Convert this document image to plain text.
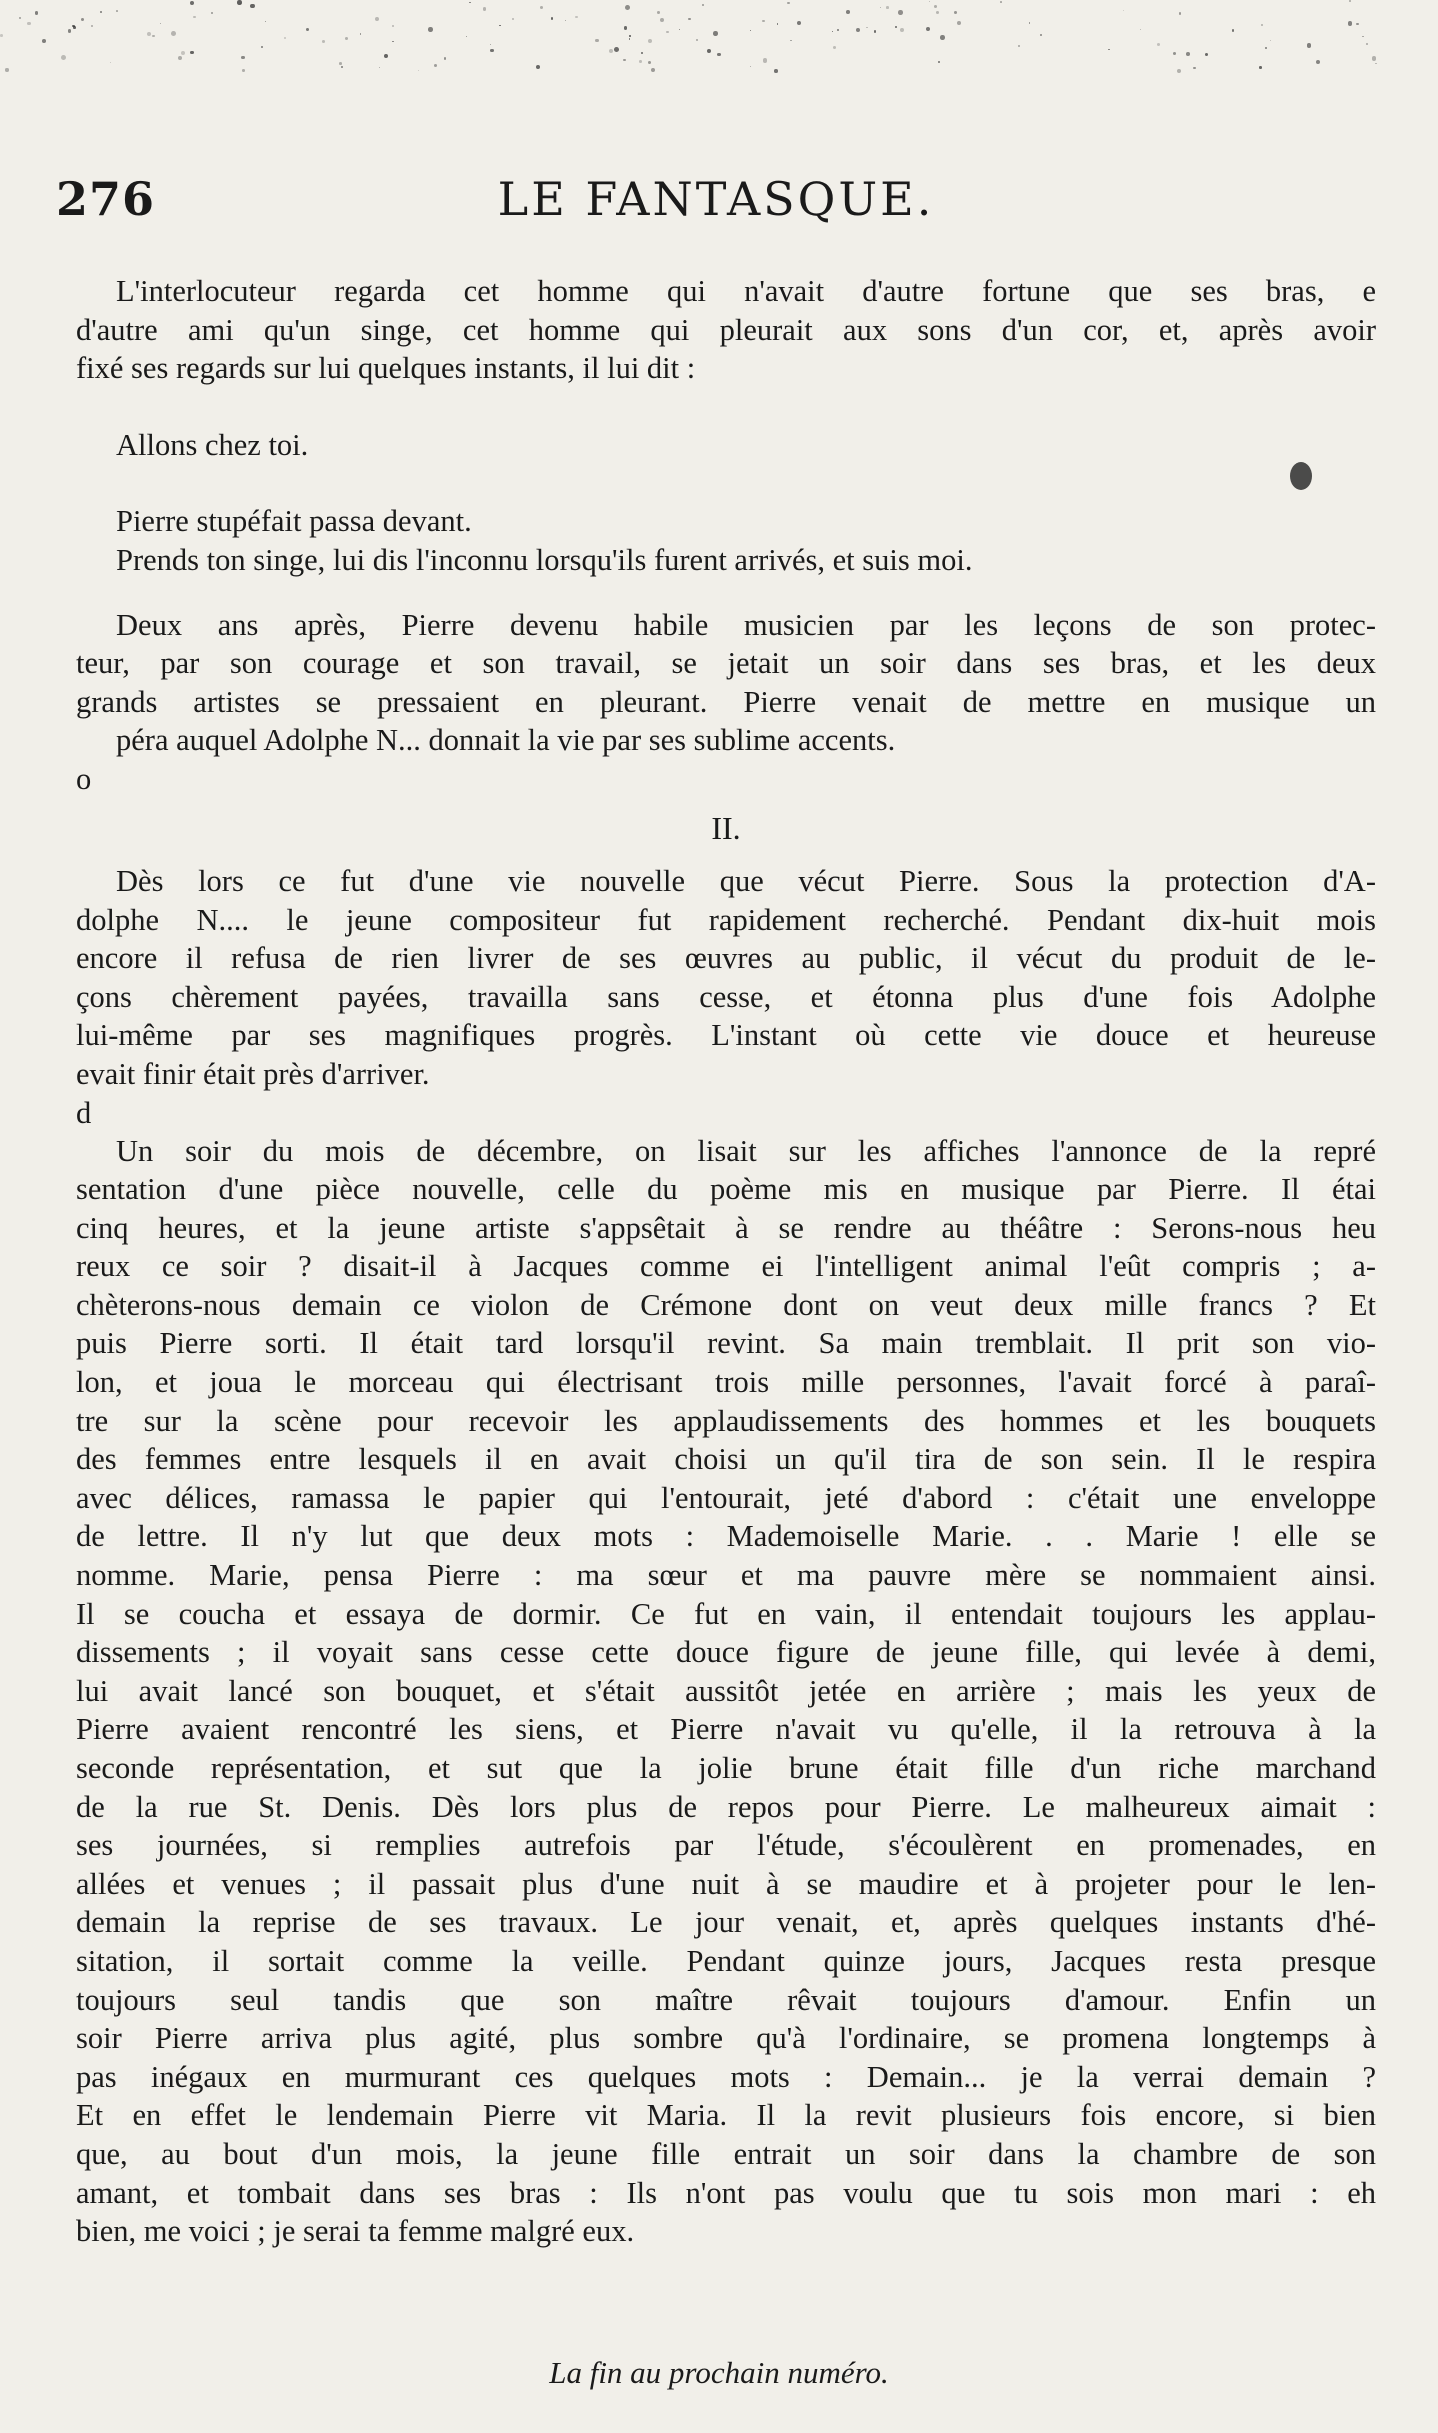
276	LE FANTASQUE.
L'interlocuteur regarda cet homme qui n'avait d'autre fortune que ses bras, e
d'autre ami qu'un singe, cet homme qui pleurait aux sons d'un cor, et, après avoir
fixé ses regards sur lui quelques instants, il lui dit :
Allons chez toi.
Pierre stupéfait passa devant.
Prends ton singe, lui dis l'inconnu lorsqu'ils furent arrivés, et suis moi.
Deux ans après, Pierre devenu habile musicien par les leçons de son protec-
teur, par son courage et son travail, se jetait un soir dans ses bras, et les deux
grands artistes se pressaient en pleurant. Pierre venait de mettre en musique un
péra auquel Adolphe N... donnait la vie par ses sublime accents.
o
II.
Dès lors ce fut d'une vie nouvelle que vécut Pierre. Sous la protection d'A-
dolphe N.... le jeune compositeur fut rapidement recherché. Pendant dix-huit mois
encore il refusa de rien livrer de ses œuvres au public, il vécut du produit de le-
çons chèrement payées, travailla sans cesse, et étonna plus d'une fois Adolphe
lui-même par ses magnifiques progrès. L'instant où cette vie douce et heureuse
evait finir était près d'arriver.
d
Un soir du mois de décembre, on lisait sur les affiches l'annonce de la repré
sentation d'une pièce nouvelle, celle du poème mis en musique par Pierre. Il étai
cinq heures, et la jeune artiste s'appsêtait à se rendre au théâtre : Serons-nous heu
reux ce soir ? disait-il à Jacques comme ei l'intelligent animal l'eût compris ; a-
chèterons-nous demain ce violon de Crémone dont on veut deux mille francs ? Et
puis Pierre sorti. Il était tard lorsqu'il revint. Sa main tremblait. Il prit son vio-
lon, et joua le morceau qui électrisant trois mille personnes, l'avait forcé à paraî-
tre sur la scène pour recevoir les applaudissements des hommes et les bouquets
des femmes entre lesquels il en avait choisi un qu'il tira de son sein. Il le respira
avec délices, ramassa le papier qui l'entourait, jeté d'abord : c'était une enveloppe
de lettre. Il n'y lut que deux mots : Mademoiselle Marie. . . Marie ! elle se
nomme. Marie, pensa Pierre : ma sœur et ma pauvre mère se nommaient ainsi.
Il se coucha et essaya de dormir. Ce fut en vain, il entendait toujours les applau-
dissements ; il voyait sans cesse cette douce figure de jeune fille, qui levée à demi,
lui avait lancé son bouquet, et s'était aussitôt jetée en arrière ; mais les yeux de
Pierre avaient rencontré les siens, et Pierre n'avait vu qu'elle, il la retrouva à la
seconde représentation, et sut que la jolie brune était fille d'un riche marchand
de la rue St. Denis. Dès lors plus de repos pour Pierre. Le malheureux aimait :
ses journées, si remplies autrefois par l'étude, s'écoulèrent en promenades, en
allées et venues ; il passait plus d'une nuit à se maudire et à projeter pour le len-
demain la reprise de ses travaux. Le jour venait, et, après quelques instants d'hé-
sitation, il sortait comme la veille. Pendant quinze jours, Jacques resta presque
toujours seul tandis que son maître rêvait toujours d'amour. Enfin un
soir Pierre arriva plus agité, plus sombre qu'à l'ordinaire, se promena longtemps à
pas inégaux en murmurant ces quelques mots : Demain... je la verrai demain ?
Et en effet le lendemain Pierre vit Maria. Il la revit plusieurs fois encore, si bien
que, au bout d'un mois, la jeune fille entrait un soir dans la chambre de son
amant, et tombait dans ses bras : Ils n'ont pas voulu que tu sois mon mari : eh
bien, me voici ; je serai ta femme malgré eux.
La fin au prochain numéro.
